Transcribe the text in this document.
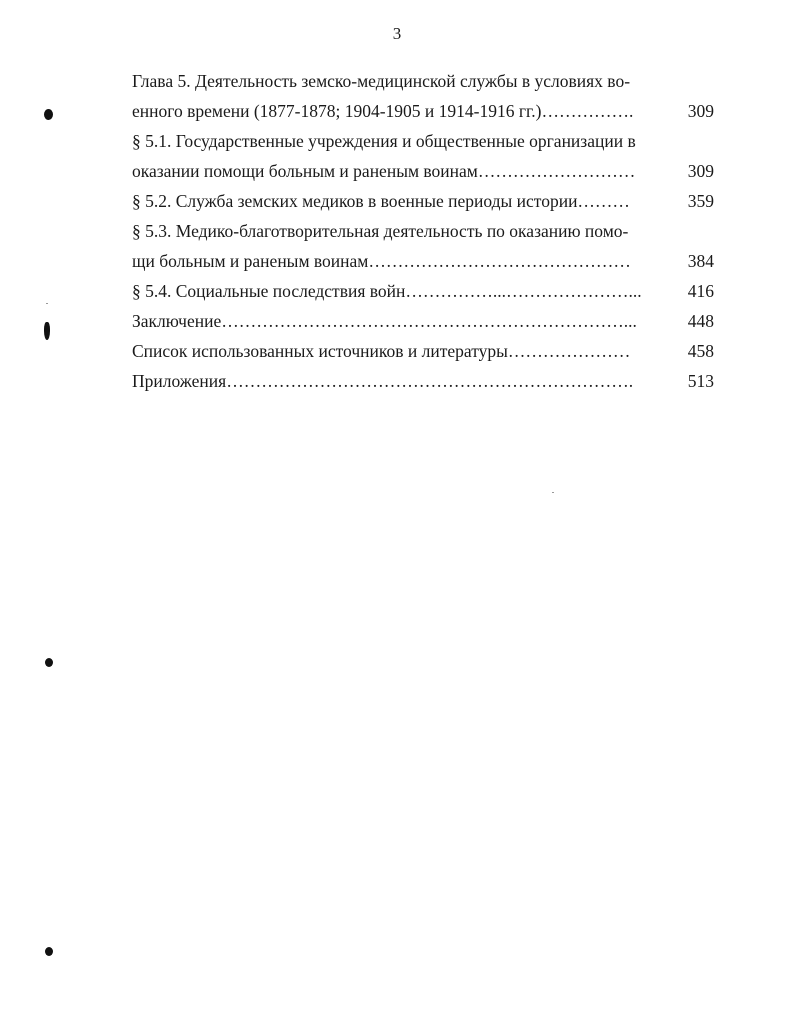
3
Глава 5. Деятельность земско-медицинской службы в условиях во-
енного времени (1877-1878; 1904-1905 и 1914-1916 гг.)…………….	309
§ 5.1. Государственные учреждения и общественные организации в
оказании помощи больным и раненым воинам………………………	309
§ 5.2. Служба земских медиков в военные периоды истории………	359
§ 5.3. Медико-благотворительная деятельность по оказанию помо-
щи больным и раненым воинам………………………………………	384
§ 5.4. Социальные последствия войн……………...…………………...	416
Заключение……………………………………………………………...	448
Список использованных источников и литературы…………………	458
Приложения…………………………………………………………….	513
